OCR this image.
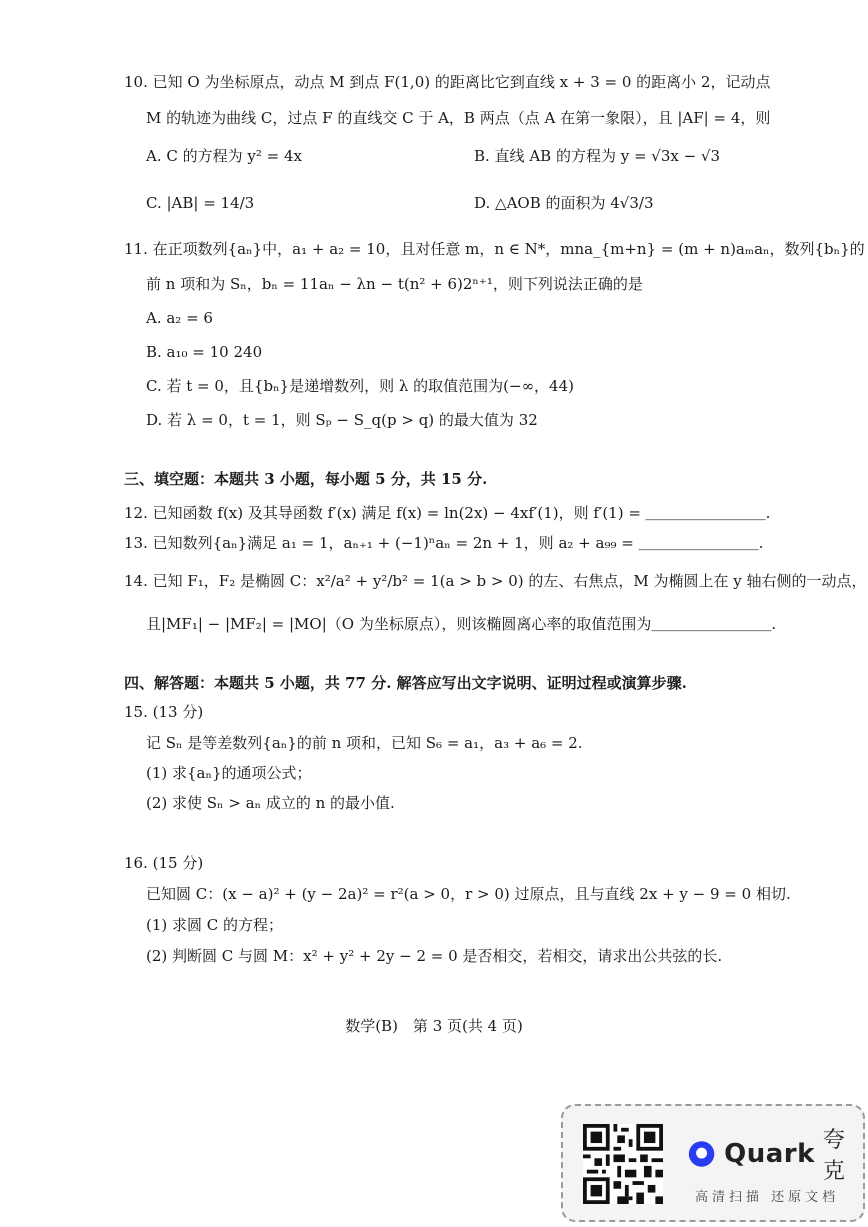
10. 已知 O 为坐标原点，动点 M 到点 F(1,0) 的距离比它到直线 x + 3 = 0 的距离小 2，记动点
M 的轨迹为曲线 C，过点 F 的直线交 C 于 A，B 两点（点 A 在第一象限），且 |AF| = 4，则
A. C 的方程为 y² = 4x	B. 直线 AB 的方程为 y = √3x − √3
C. |AB| = 14/3	D. △AOB 的面积为 4√3/3
11. 在正项数列{aₙ}中，a₁ + a₂ = 10，且对任意 m，n ∈ N*，mna_{m+n} = (m + n)aₘaₙ，数列{bₙ}的
前 n 项和为 Sₙ，bₙ = 11aₙ − λn − t(n² + 6)2ⁿ⁺¹，则下列说法正确的是
A. a₂ = 6
B. a₁₀ = 10 240
C. 若 t = 0，且{bₙ}是递增数列，则 λ 的取值范围为(−∞，44)
D. 若 λ = 0，t = 1，则 Sₚ − S_q(p > q) 的最大值为 32
三、填空题：本题共 3 小题，每小题 5 分，共 15 分.
12. 已知函数 f(x) 及其导函数 f′(x) 满足 f(x) = ln(2x) − 4xf′(1)，则 f′(1) = ＿＿＿＿＿＿＿＿.
13. 已知数列{aₙ}满足 a₁ = 1，aₙ₊₁ + (−1)ⁿaₙ = 2n + 1，则 a₂ + a₉₉ = ＿＿＿＿＿＿＿＿.
14. 已知 F₁，F₂ 是椭圆 C：x²/a² + y²/b² = 1(a > b > 0) 的左、右焦点，M 为椭圆上在 y 轴右侧的一动点，
且|MF₁| − |MF₂| = |MO|（O 为坐标原点），则该椭圆离心率的取值范围为＿＿＿＿＿＿＿＿.
四、解答题：本题共 5 小题，共 77 分. 解答应写出文字说明、证明过程或演算步骤.
15. (13 分)
记 Sₙ 是等差数列{aₙ}的前 n 项和，已知 S₆ = a₁，a₃ + a₆ = 2.
(1) 求{aₙ}的通项公式；
(2) 求使 Sₙ > aₙ 成立的 n 的最小值.
16. (15 分)
已知圆 C：(x − a)² + (y − 2a)² = r²(a > 0，r > 0) 过原点，且与直线 2x + y − 9 = 0 相切.
(1) 求圆 C 的方程；
(2) 判断圆 C 与圆 M：x² + y² + 2y − 2 = 0 是否相交，若相交，请求出公共弦的长.
数学(B)　第 3 页(共 4 页)
Quark 夸克
高清扫描 还原文档
